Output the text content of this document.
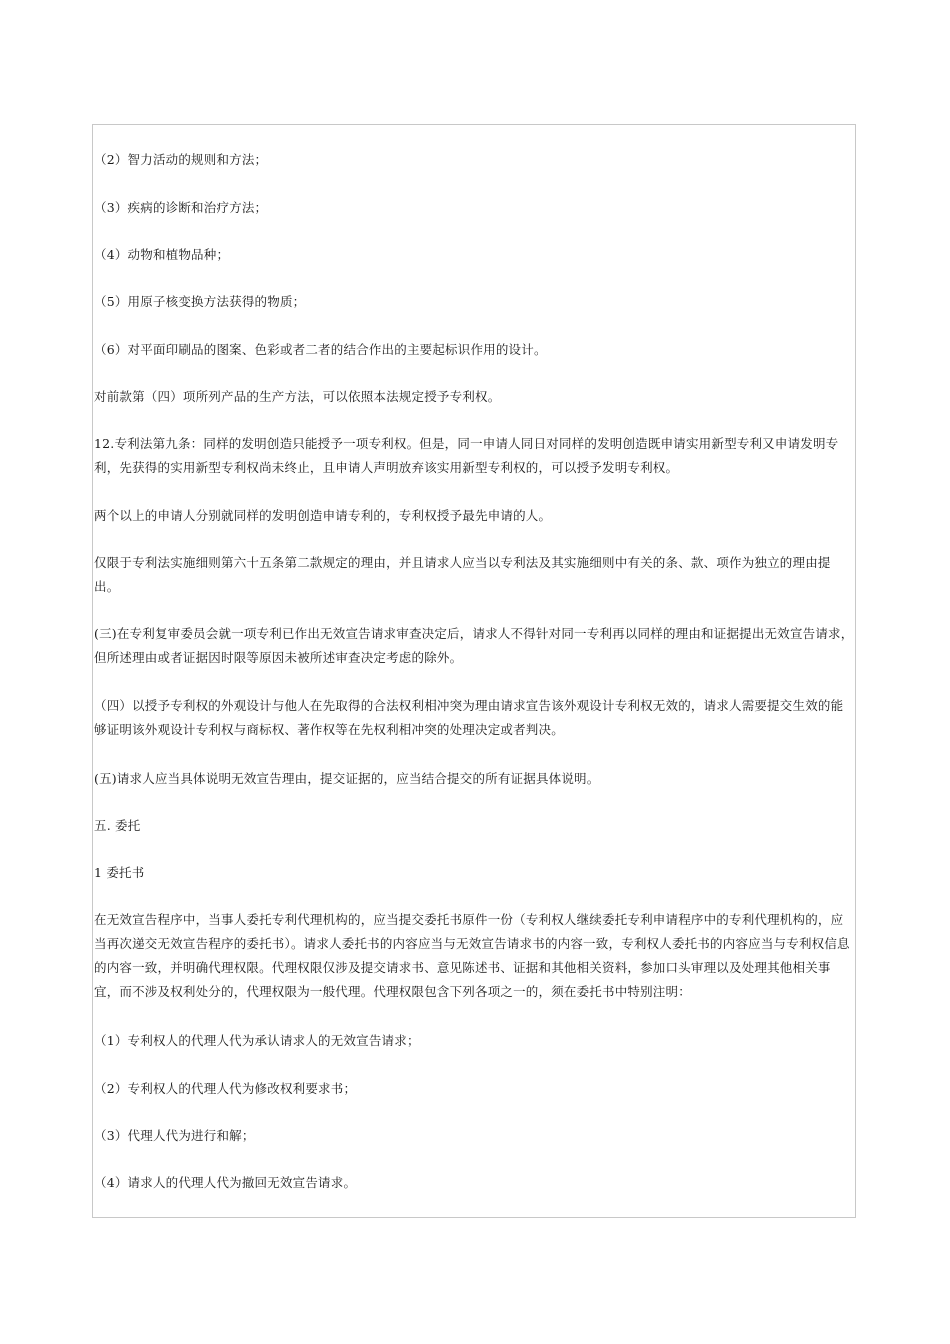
（2）智力活动的规则和方法；
（3）疾病的诊断和治疗方法；
（4）动物和植物品种；
（5）用原子核变换方法获得的物质；
（6）对平面印刷品的图案、色彩或者二者的结合作出的主要起标识作用的设计。
对前款第（四）项所列产品的生产方法，可以依照本法规定授予专利权。
12.专利法第九条：同样的发明创造只能授予一项专利权。但是，同一申请人同日对同样的发明创造既申请实用新型专利又申请发明专利，先获得的实用新型专利权尚未终止，且申请人声明放弃该实用新型专利权的，可以授予发明专利权。
两个以上的申请人分别就同样的发明创造申请专利的，专利权授予最先申请的人。
仅限于专利法实施细则第六十五条第二款规定的理由，并且请求人应当以专利法及其实施细则中有关的条、款、项作为独立的理由提出。
(三)在专利复审委员会就一项专利已作出无效宣告请求审查决定后，请求人不得针对同一专利再以同样的理由和证据提出无效宣告请求，但所述理由或者证据因时限等原因未被所述审查决定考虑的除外。
（四）以授予专利权的外观设计与他人在先取得的合法权利相冲突为理由请求宣告该外观设计专利权无效的，请求人需要提交生效的能够证明该外观设计专利权与商标权、著作权等在先权利相冲突的处理决定或者判决。
(五)请求人应当具体说明无效宣告理由，提交证据的，应当结合提交的所有证据具体说明。
五. 委托
1 委托书
在无效宣告程序中，当事人委托专利代理机构的，应当提交委托书原件一份（专利权人继续委托专利申请程序中的专利代理机构的，应当再次递交无效宣告程序的委托书）。请求人委托书的内容应当与无效宣告请求书的内容一致，专利权人委托书的内容应当与专利权信息的内容一致，并明确代理权限。代理权限仅涉及提交请求书、意见陈述书、证据和其他相关资料，参加口头审理以及处理其他相关事宜，而不涉及权利处分的，代理权限为一般代理。代理权限包含下列各项之一的，须在委托书中特别注明：
（1）专利权人的代理人代为承认请求人的无效宣告请求；
（2）专利权人的代理人代为修改权利要求书；
（3）代理人代为进行和解；
（4）请求人的代理人代为撤回无效宣告请求。
